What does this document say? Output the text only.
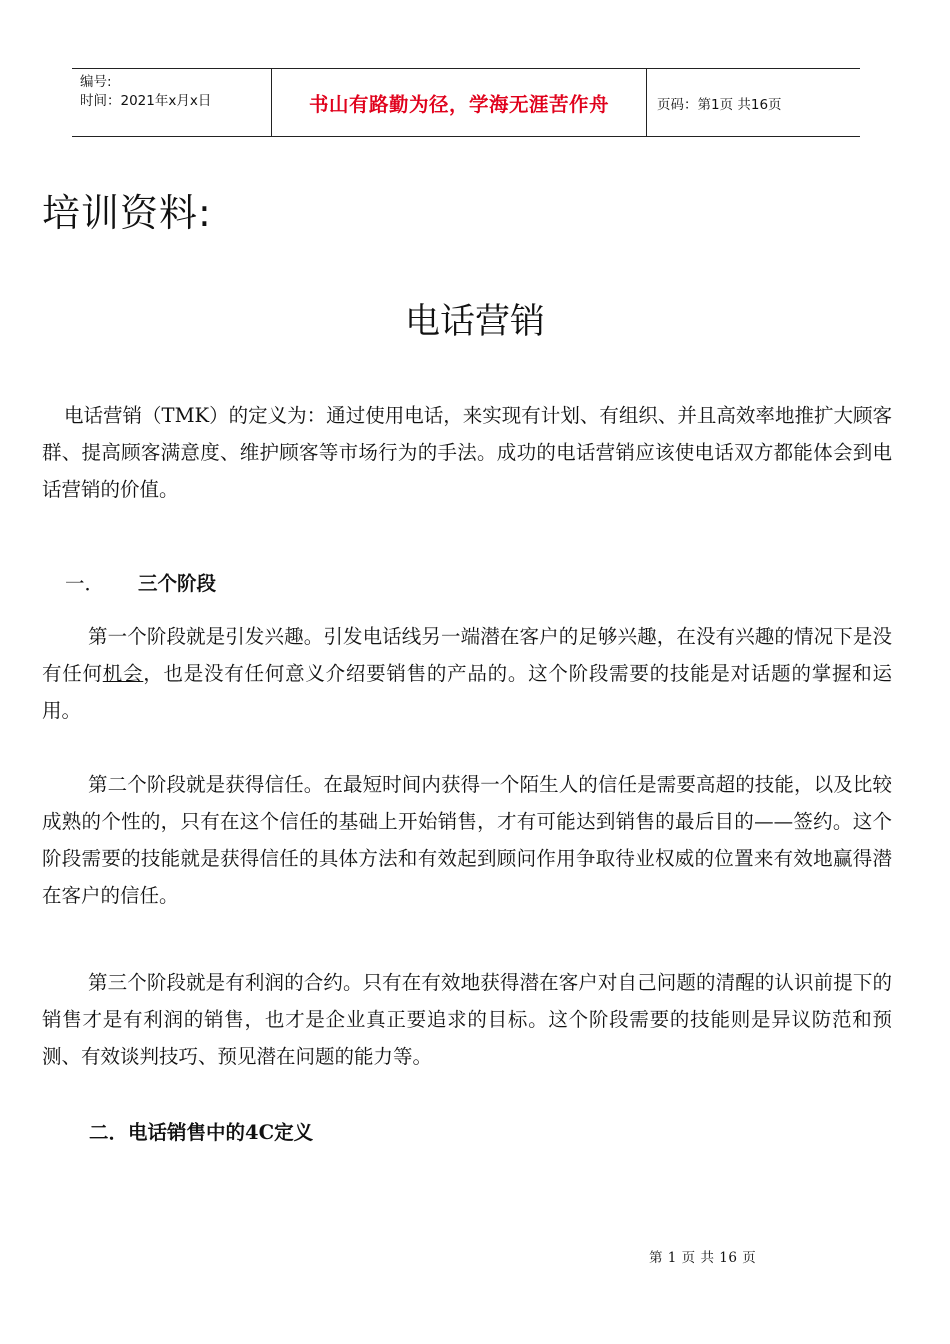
编号:
时间：2021年x月x日	书山有路勤为径，学海无涯苦作舟	页码：第1页 共16页
培训资料:
电话营销

电话营销（TMK）的定义为：通过使用电话，来实现有计划、有组织、并且高效率地推扩大顾客群、提高顾客满意度、维护顾客等市场行为的手法。成功的电话营销应该使电话双方都能体会到电话营销的价值。

一． 三个阶段

第一个阶段就是引发兴趣。引发电话线另一端潜在客户的足够兴趣，在没有兴趣的情况下是没有任何机会，也是没有任何意义介绍要销售的产品的。这个阶段需要的技能是对话题的掌握和运用。

第二个阶段就是获得信任。在最短时间内获得一个陌生人的信任是需要高超的技能，以及比较成熟的个性的，只有在这个信任的基础上开始销售，才有可能达到销售的最后目的——签约。这个阶段需要的技能就是获得信任的具体方法和有效起到顾问作用争取待业权威的位置来有效地赢得潜在客户的信任。

第三个阶段就是有利润的合约。只有在有效地获得潜在客户对自己问题的清醒的认识前提下的销售才是有利润的销售，也才是企业真正要追求的目标。这个阶段需要的技能则是异议防范和预测、有效谈判技巧、预见潜在问题的能力等。

二．电话销售中的4C定义
第 1 页 共 16 页
